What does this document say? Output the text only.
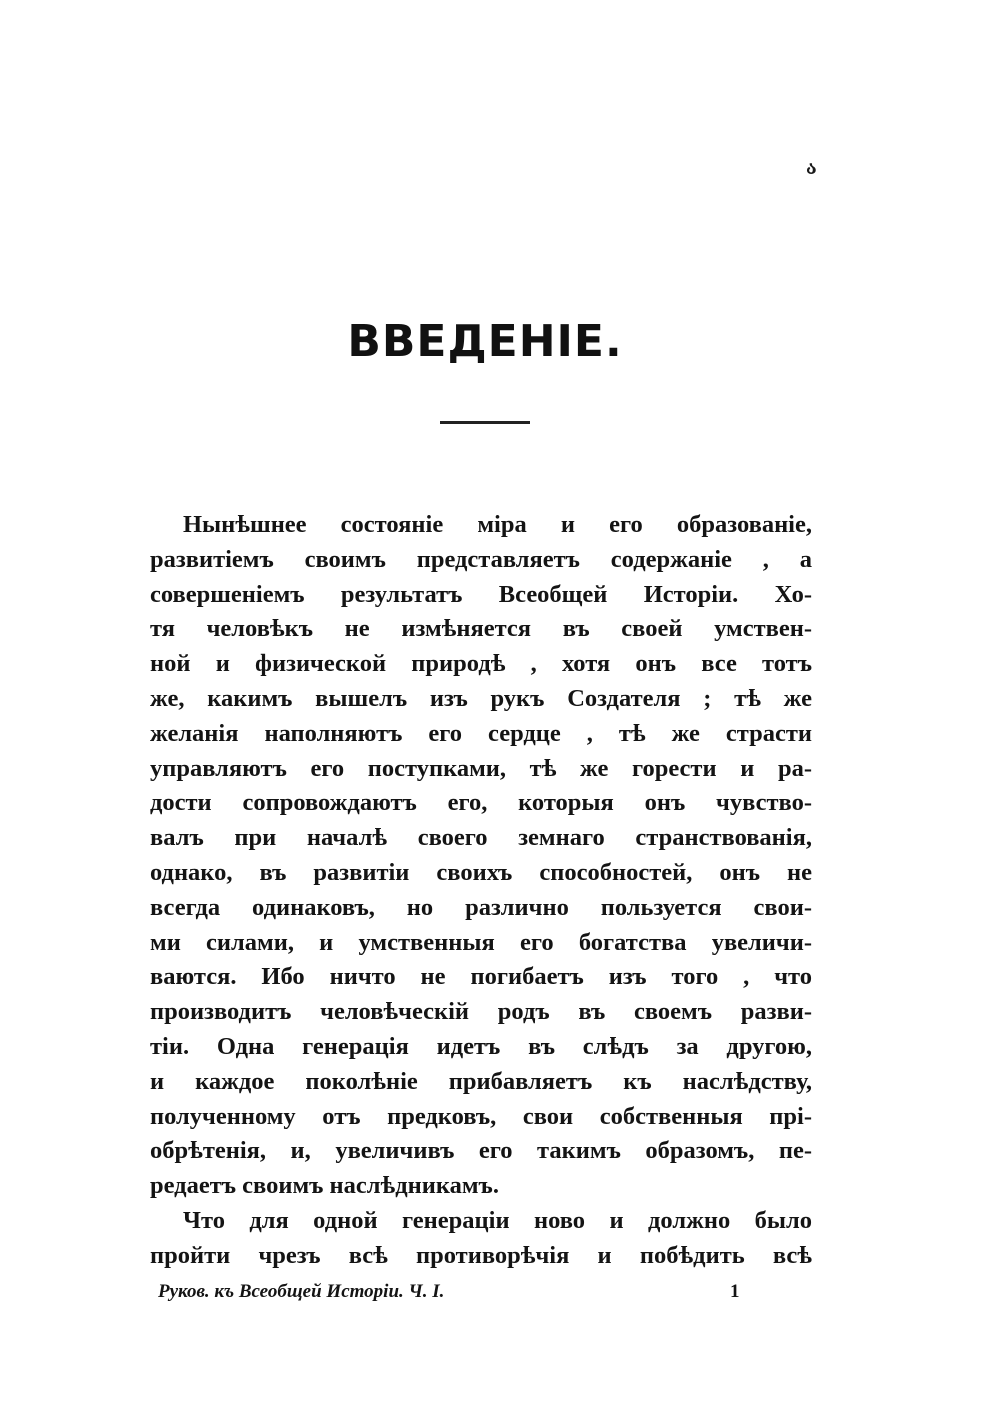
ა
ВВЕДЕНІЕ.
Нынѣшнее состояніе міра и его образованіе,
развитіемъ своимъ представляетъ содержаніе , а
совершеніемъ результатъ Всеобщей Исторіи. Хо-
тя человѣкъ не измѣняется въ своей умствен-
ной и физической природѣ , хотя онъ все тотъ
же, какимъ вышелъ изъ рукъ Создателя ; тѣ же
желанія наполняютъ его сердце , тѣ же страсти
управляютъ его поступками, тѣ же горести и ра-
дости сопровождаютъ его, которыя онъ чувство-
валъ при началѣ своего земнаго странствованія,
однако, въ развитіи своихъ способностей, онъ не
всегда одинаковъ, но различно пользуется свои-
ми силами, и умственныя его богатства увеличи-
ваются. Ибо ничто не погибаетъ изъ того , что
производитъ человѣческій родъ въ своемъ разви-
тіи. Одна генерація идетъ въ слѣдъ за другою,
и каждое поколѣніе прибавляетъ къ наслѣдству,
полученному отъ предковъ, свои собственныя прі-
обрѣтенія, и, увеличивъ его такимъ образомъ, пе-
редаетъ своимъ наслѣдникамъ.
Что для одной генераціи ново и должно было
пройти чрезъ всѣ противорѣчія и побѣдить всѣ
Руков. къ Всеобщей Исторіи. Ч. I.	1
